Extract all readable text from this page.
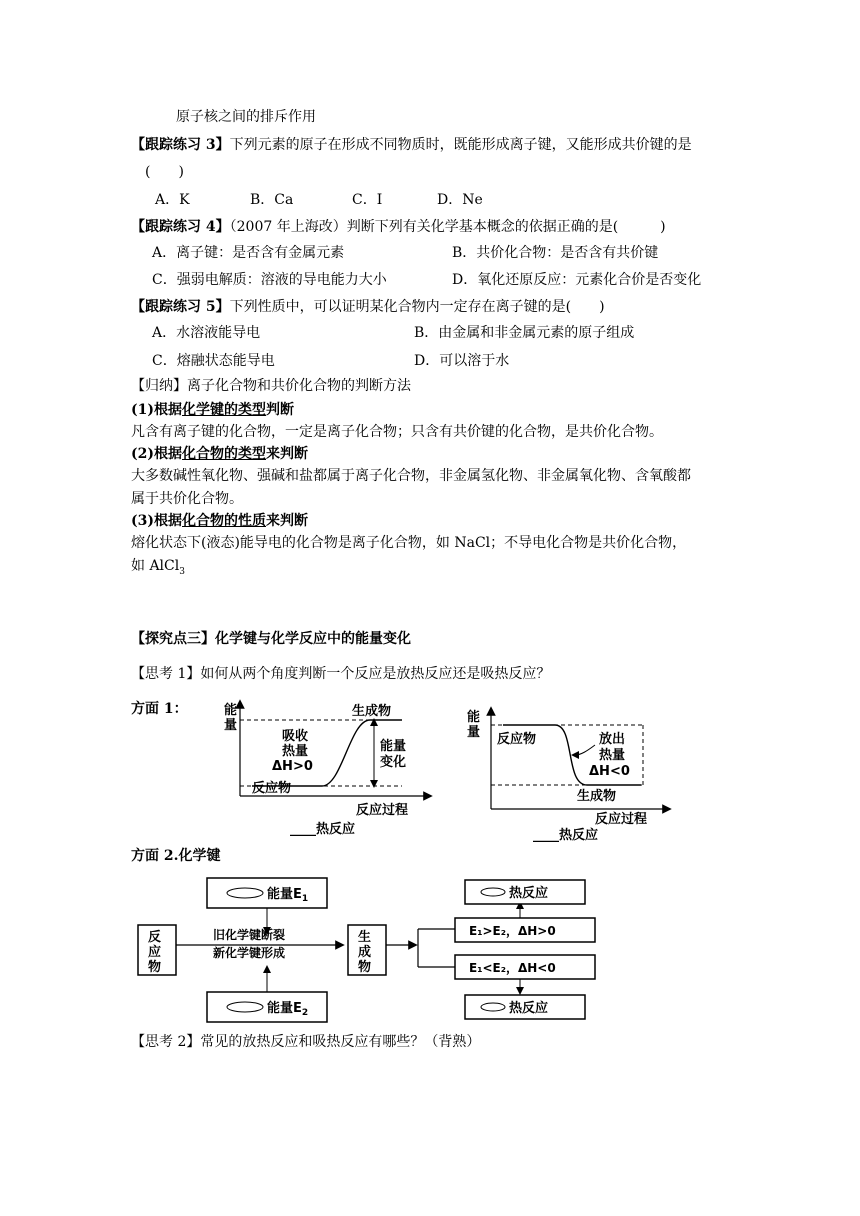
原子核之间的排斥作用
【跟踪练习 3】下列元素的原子在形成不同物质时，既能形成离子键，又能形成共价键的是
(　　)
A．K	B．Ca	C．I	D．Ne
【跟踪练习 4】（2007 年上海改）判断下列有关化学基本概念的依据正确的是(　　　)
A．离子键：是否含有金属元素	B．共价化合物：是否含有共价键
C．强弱电解质：溶液的导电能力大小	D．氧化还原反应：元素化合价是否变化
【跟踪练习 5】下列性质中，可以证明某化合物内一定存在离子键的是(　　)
A．水溶液能导电	B．由金属和非金属元素的原子组成
C．熔融状态能导电	D．可以溶于水
【归纳】离子化合物和共价化合物的判断方法
(1)根据化学键的类型判断
凡含有离子键的化合物，一定是离子化合物；只含有共价键的化合物，是共价化合物。
(2)根据化合物的类型来判断
大多数碱性氧化物、强碱和盐都属于离子化合物，非金属氢化物、非金属氧化物、含氧酸都
属于共价化合物。
(3)根据化合物的性质来判断
熔化状态下(液态)能导电的化合物是离子化合物，如 NaCl；不导电化合物是共价化合物，
如 AlCl$_3$
【探究点三】化学键与化学反应中的能量变化
【思考 1】如何从两个角度判断一个反应是放热反应还是吸热反应？
方面 1：
方面 2.化学键
【思考 2】常见的放热反应和吸热反应有哪些？（背熟）
能
量
生成物
吸收
热量
ΔH>0
能量
变化
反应物
反应过程
____热反应
能
量 反应物	放出
热量
ΔH<0
生成物
反应过程
____热反应
能量$E_1$
反
应
物
旧化学键断裂
新化学键形成
生
成
物
能量$E_2$
E₁>E₂，ΔH>0
E₁<E₂，ΔH<0
热反应
热反应
